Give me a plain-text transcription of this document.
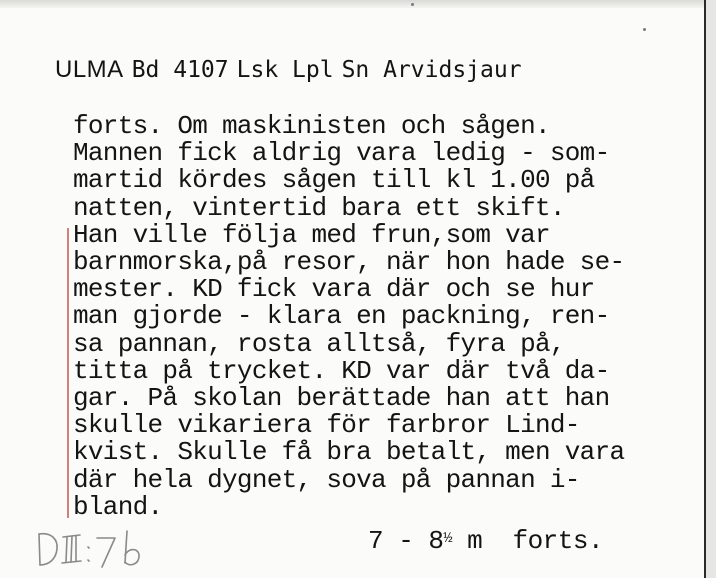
ULMA Bd 4107 Lsk Lpl Sn Arvidsjaur
forts. Om maskinisten och sågen.
Mannen fick aldrig vara ledig - som-
martid kördes sågen till kl 1.00 på
natten, vintertid bara ett skift.
Han ville följa med frun,som var
barnmorska,på resor, när hon hade se-
mester. KD fick vara där och se hur
man gjorde - klara en packning, ren-
sa pannan, rosta alltså, fyra på,
titta på trycket. KD var där två da-
gar. På skolan berättade han att han
skulle vikariera för farbror Lind-
kvist. Skulle få bra betalt, men vara
där hela dygnet, sova på pannan i-
bland.
$7 - 8^{\frac{1}{2}}$ m forts.
